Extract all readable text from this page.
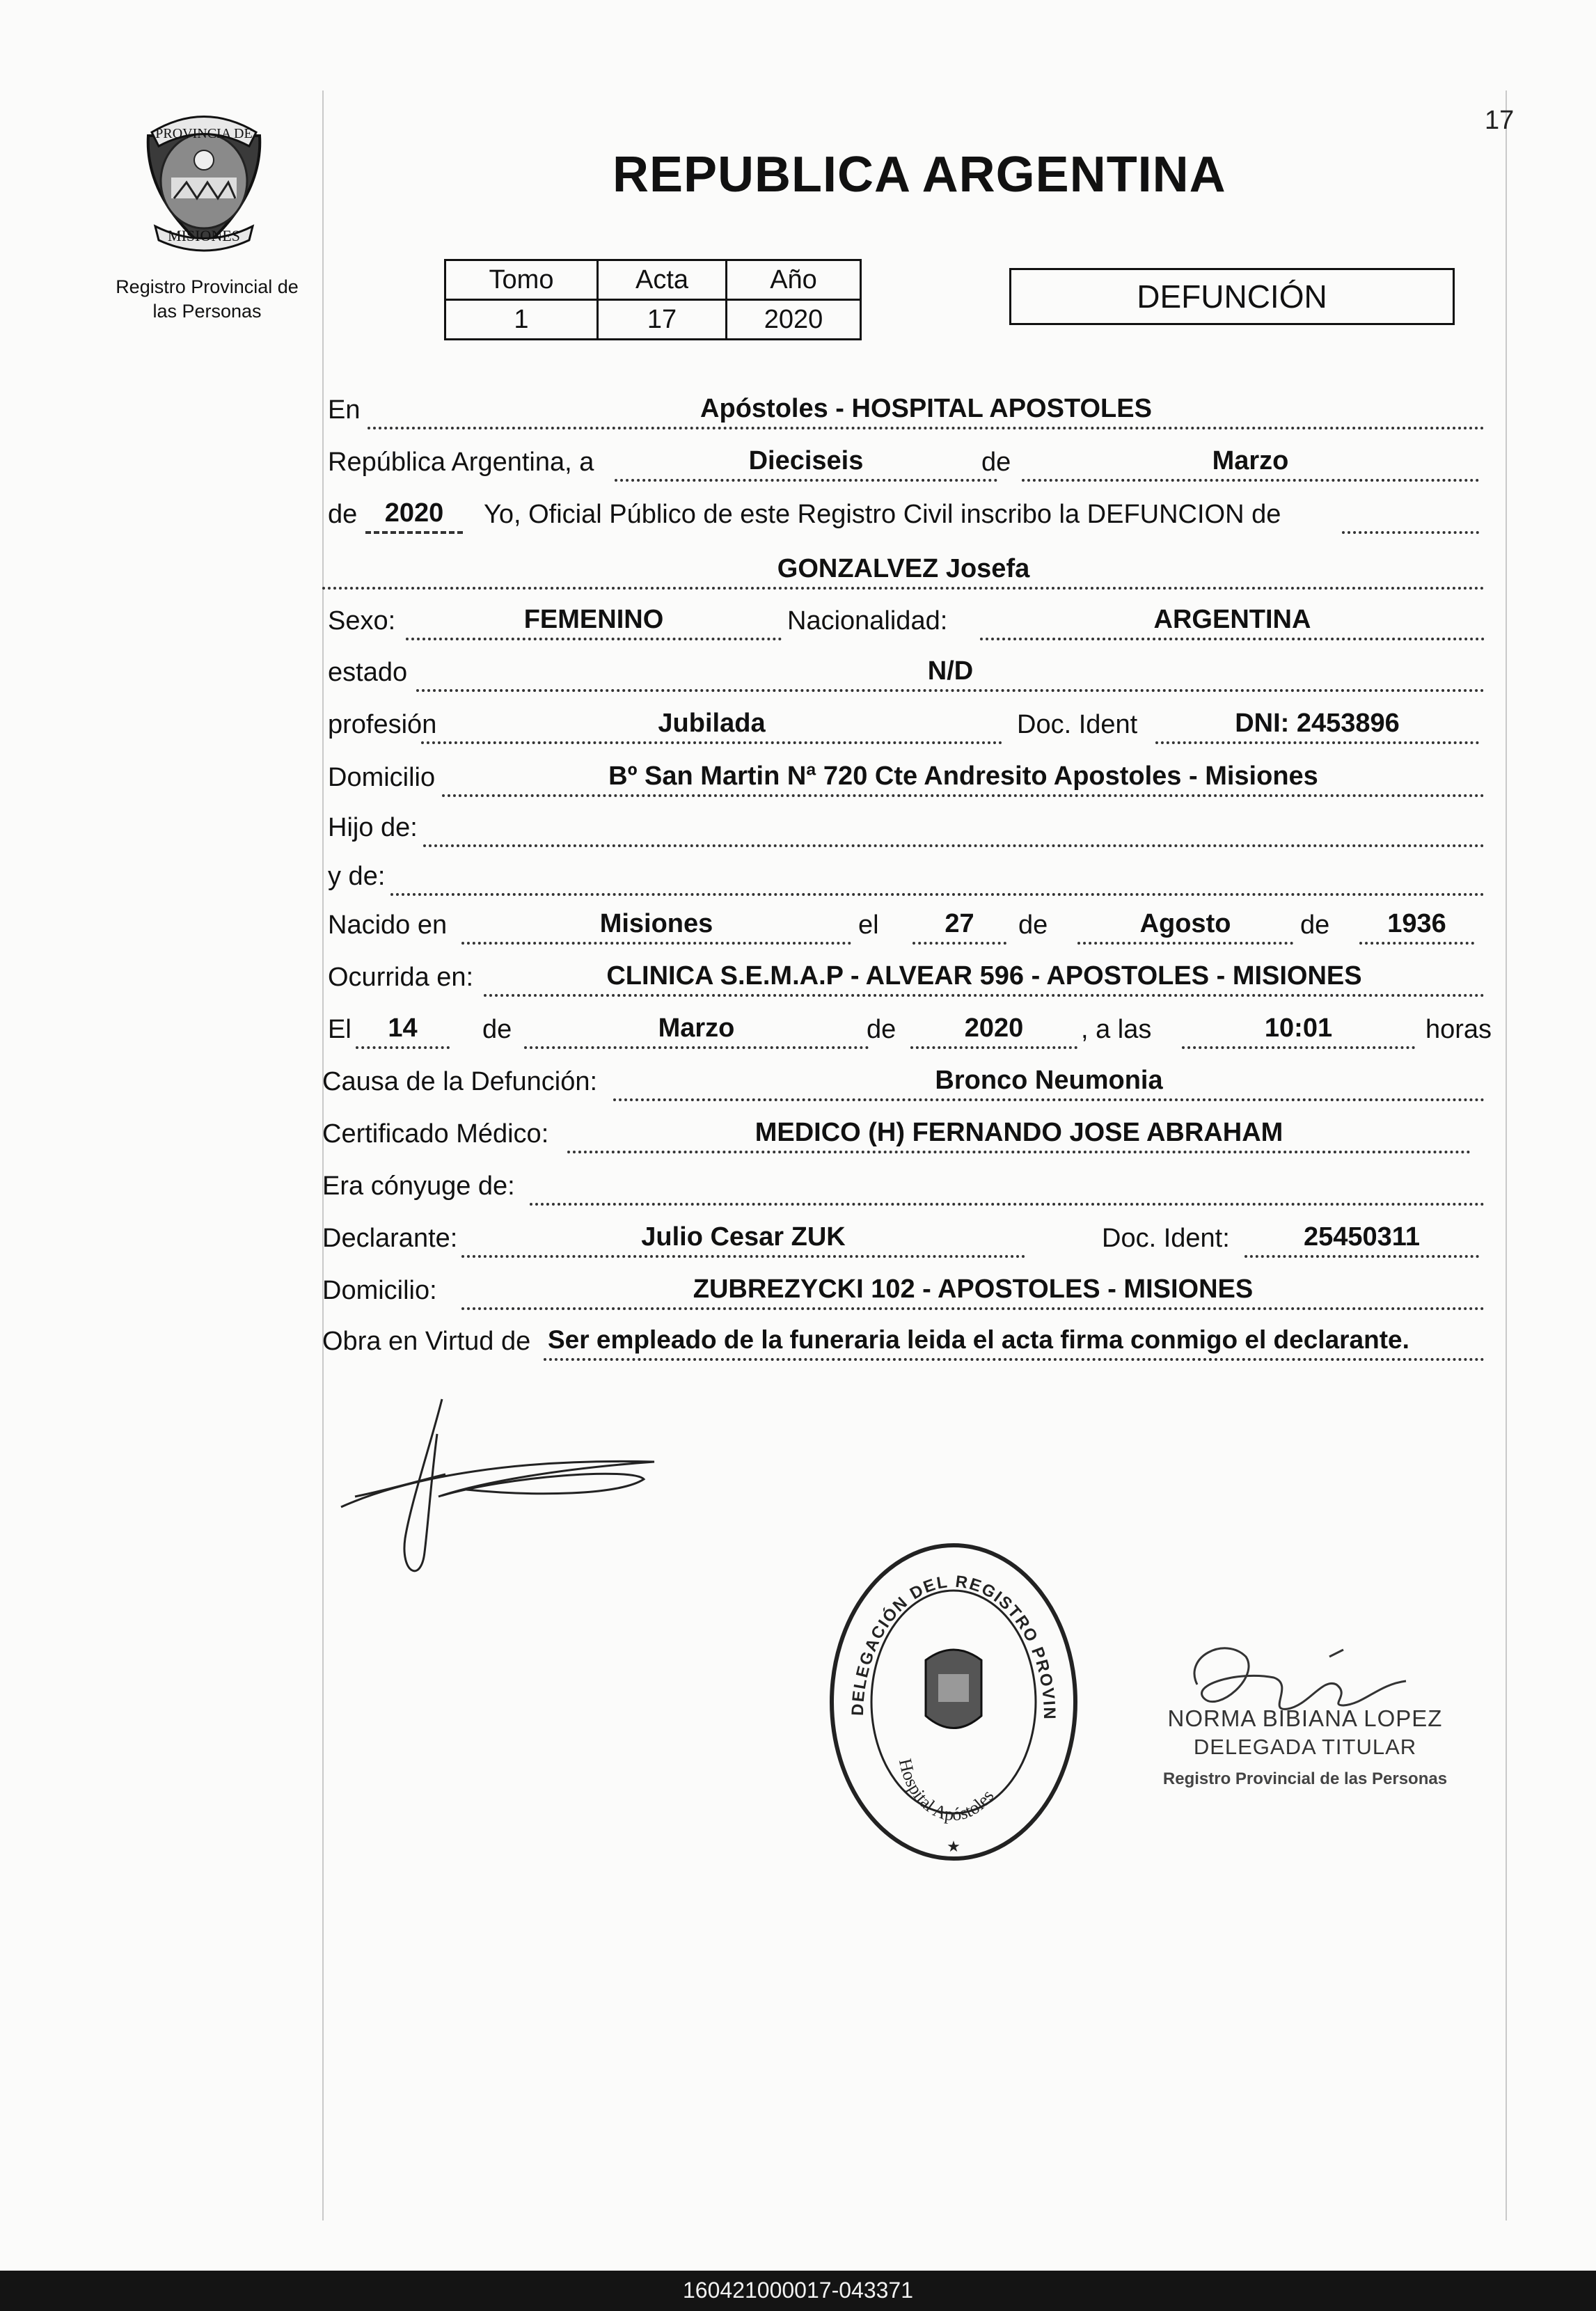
17
PROVINCIA DE
MISIONES
Registro Provincial de
las Personas
REPUBLICA ARGENTINA
Tomo	Acta	Año
1	17	2020
DEFUNCIÓN
En	Apóstoles - HOSPITAL APOSTOLES
República Argentina, a	Dieciseis	de	Marzo
de	2020	Yo, Oficial Público de este Registro Civil inscribo la DEFUNCION de
GONZALVEZ Josefa
Sexo:	FEMENINO	Nacionalidad:	ARGENTINA
estado	N/D
profesión	Jubilada	Doc. Ident	DNI: 2453896
Domicilio	Bº San Martin Nª 720 Cte Andresito Apostoles - Misiones
Hijo de:
y de:
Nacido en	Misiones	el	27	de	Agosto	de	1936
Ocurrida en:	CLINICA S.E.M.A.P - ALVEAR 596 - APOSTOLES - MISIONES
El	14	de	Marzo	de	2020	, a las	10:01	horas
Causa de la Defunción:	Bronco Neumonia
Certificado Médico:	MEDICO (H) FERNANDO JOSE ABRAHAM
Era cónyuge de:
Declarante:	Julio Cesar ZUK	Doc. Ident:	25450311
Domicilio:	ZUBREZYCKI 102 - APOSTOLES - MISIONES
Obra en Virtud de Ser empleado de la funeraria leida el acta firma conmigo el declarante.
DELEGACIÓN DEL REGISTRO PROVIN
Hospital Apóstoles
★
NORMA BIBIANA LOPEZ
DELEGADA TITULAR
Registro Provincial de las Personas
160421000017-043371
